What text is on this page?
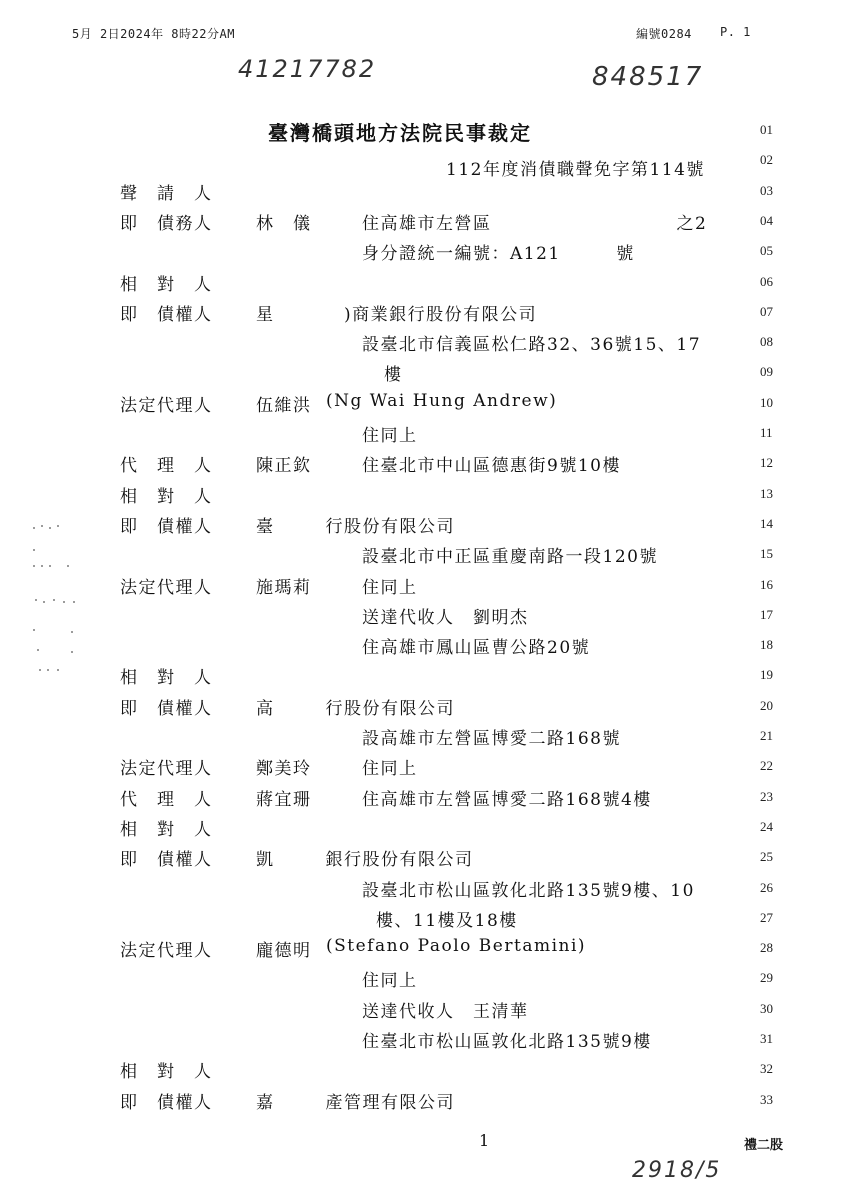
5月 2日2024年 8時22分AM	編號0284 P. 1
41217782	848517
臺灣橋頭地方法院民事裁定
112年度消債職聲免字第114號
01
02
03
聲　請　人
04
即　債務人	林　儀	住高雄市左營區　　　　　　　　　　之2
05
身分證統一編號：A121　　　號
06
相　對　人
07
即　債權人	星
　　　　)商業銀行股份有限公司
08
設臺北市信義區松仁路32、36號15、17
09
樓
10
法定代理人	伍維洪 (Ng Wai Hung Andrew)
11
住同上
12
代　理　人	陳正欽	住臺北市中山區德惠街9號10樓
13
相　對　人
14
即　債權人	臺
　　　行股份有限公司
15
設臺北市中正區重慶南路一段120號
16
法定代理人	施瑪莉	住同上
17
送達代收人　劉明杰
18
住高雄市鳳山區曹公路20號
19
相　對　人
20
即　債權人	高
　　　行股份有限公司
21
設高雄市左營區博愛二路168號
22
法定代理人	鄭美玲	住同上
23
代　理　人	蔣宜珊	住高雄市左營區博愛二路168號4樓
24
相　對　人
25
即　債權人	凱
　　　銀行股份有限公司
26
設臺北市松山區敦化北路135號9樓、10
27
樓、11樓及18樓
28
法定代理人	龐德明 (Stefano Paolo Bertamini)
29
住同上
30
送達代收人　王清華
31
住臺北市松山區敦化北路135號9樓
32
相　對　人
33
即　債權人	嘉
　　　產管理有限公司
1	禮二股
2918/5
